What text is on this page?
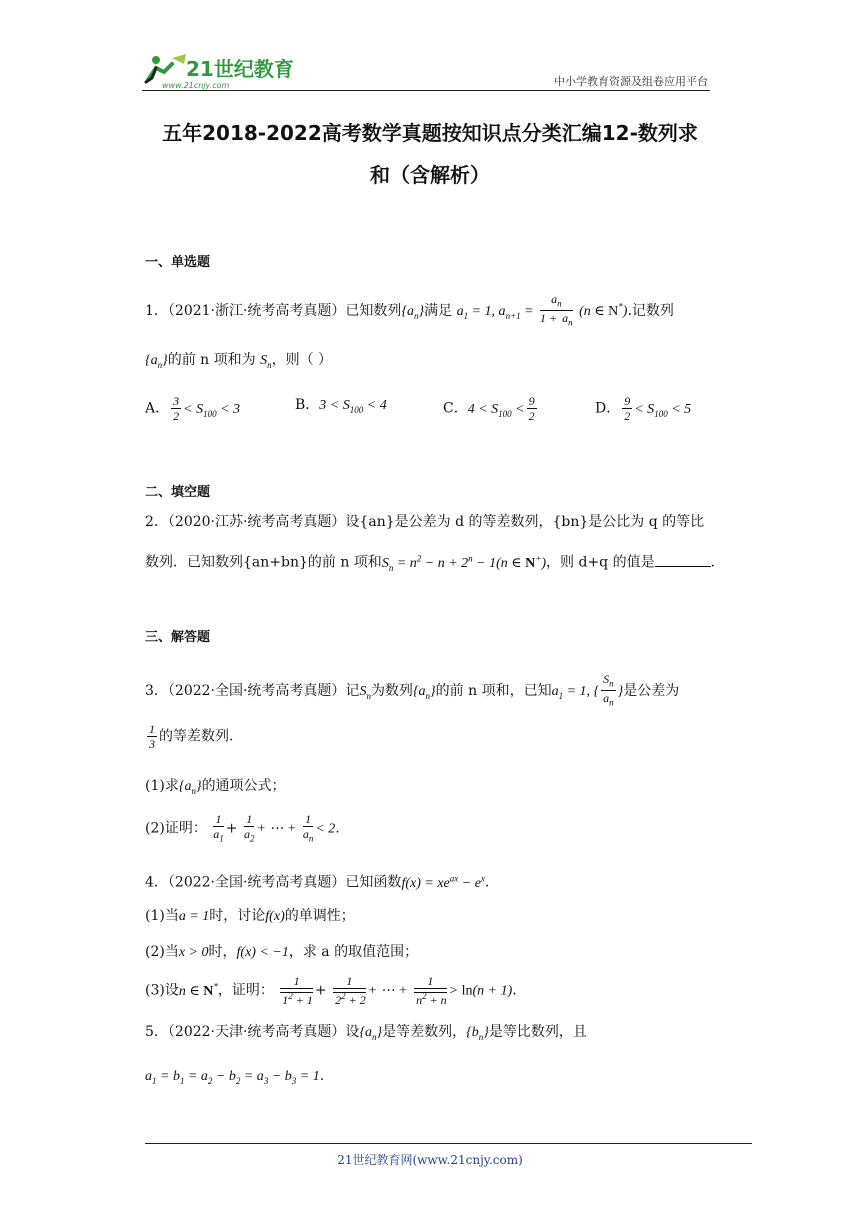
21世纪教育
www.21cnjy.com	中小学教育资源及组卷应用平台
五年2018-2022高考数学真题按知识点分类汇编12-数列求
和（含解析）
一、单选题
1．（2021·浙江·统考高考真题）已知数列$\{a_n\}$满足 $a_1 = 1$, $a_{n+1} = \frac{a_n}{1 + a_n} (n$ ∈ N*).记数列
$\{a_n\}$的前 n 项和为 $S_n$，则（ ）
A． $\frac{3}{2} < S_{100} < 3$	B．$3 < S_{100} < 4$	C．$4 < S_{100} < \frac{9}{2}$	D． $\frac{9}{2} < S_{100} < 5$
二、填空题
2．（2020·江苏·统考高考真题）设{an}是公差为 d 的等差数列，{bn}是公比为 q 的等比
数列．已知数列{an+bn}的前 n 项和$S_n = n^2 - n + 2^n - 1(n$ ∈ N+)，则 d+q 的值是	．
三、解答题
3．（2022·全国·统考高考真题）记$S_n$为数列$\{a_n\}$的前 n 项和，已知$a_1 = 1$, { $\frac{S_n}{a_n}$ }是公差为
$\frac{1}{3}$ 的等差数列.
(1)求$\{a_n\}$的通项公式；
(2)证明： $\frac{1}{a_1} + \frac{1}{a_2}$ + ⋯ + $\frac{1}{a_n} < 2$.
4．（2022·全国·统考高考真题）已知函数$f(x) = xe^{ax} - e^x$.
(1)当a = 1时，讨论f(x)的单调性；
(2)当x > 0时，f(x) < −1，求 a 的取值范围；
(3)设n ∈ N*，证明： $\frac{1}{1^2 + 1} + \frac{1}{2^2 + 2}$ + ⋯ + $\frac{1}{n^2 + n} > \ln(n + 1)$.
5．（2022·天津·统考高考真题）设$\{a_n\}$是等差数列，$\{b_n\}$是等比数列，且
$a_1 = b_1 = a_2 - b_2 = a_3 - b_3 = 1$.
21世纪教育网(www.21cnjy.com)
